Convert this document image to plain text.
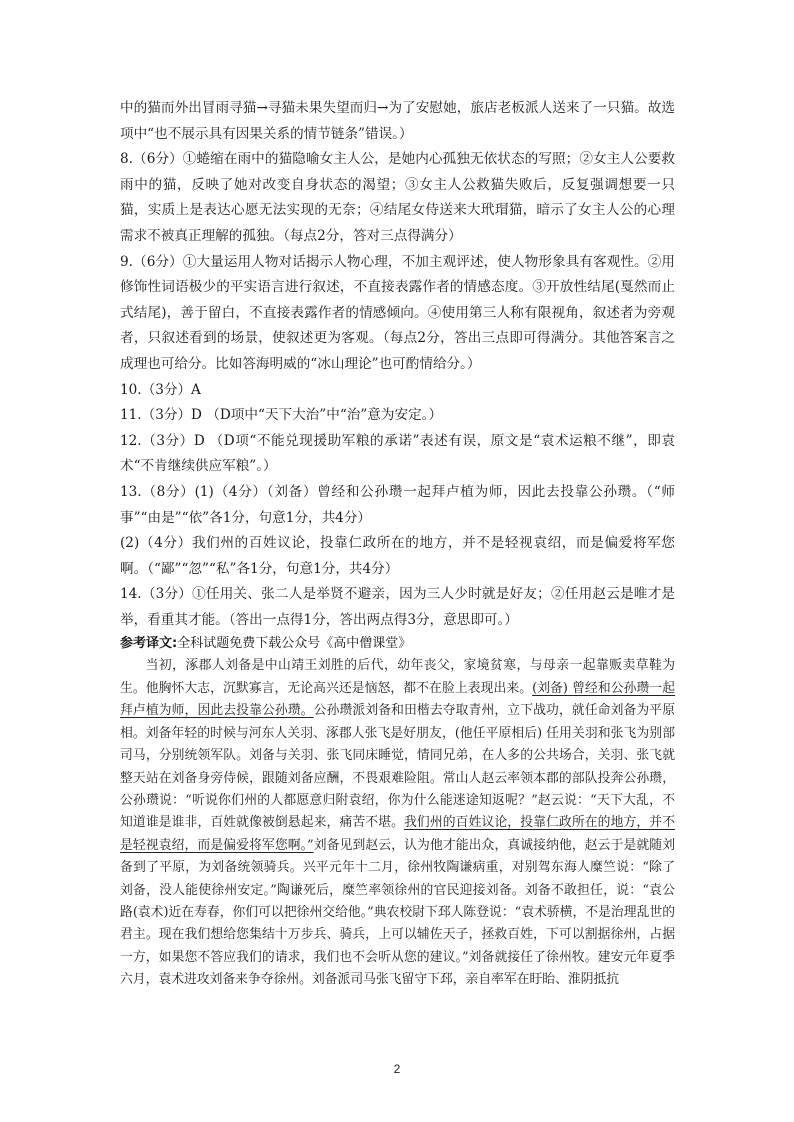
中的猫而外出冒雨寻猫→寻猫未果失望而归→为了安慰她，旅店老板派人送来了一只猫。故选项中“也不展示具有因果关系的情节链条”错误。）

8.（6分）①蜷缩在雨中的猫隐喻女主人公，是她内心孤独无依状态的写照；②女主人公要救雨中的猫，反映了她对改变自身状态的渴望；③女主人公救猫失败后，反复强调想要一只猫，实质上是表达心愿无法实现的无奈；④结尾女侍送来大玳瑁猫，暗示了女主人公的心理需求不被真正理解的孤独。（每点2分，答对三点得满分）

9.（6分）①大量运用人物对话揭示人物心理，不加主观评述，使人物形象具有客观性。②用修饰性词语极少的平实语言进行叙述，不直接表露作者的情感态度。③开放性结尾(戛然而止式结尾)，善于留白，不直接表露作者的情感倾向。④使用第三人称有限视角，叙述者为旁观者，只叙述看到的场景，使叙述更为客观。（每点2分，答出三点即可得满分。其他答案言之成理也可给分。比如答海明威的“冰山理论”也可酌情给分。）

10.（3分）A

11.（3分）D （D项中“天下大治”中“治”意为安定。）

12.（3分）D （D项“不能兑现援助军粮的承诺”表述有误，原文是“袁术运粮不继”，即袁术“不肯继续供应军粮”。）

13.（8分）(1)（4分）（刘备）曾经和公孙瓒一起拜卢植为师，因此去投靠公孙瓒。（“师事”“由是”“依”各1分，句意1分，共4分）

(2)（4分）我们州的百姓议论，投靠仁政所在的地方，并不是轻视袁绍，而是偏爱将军您啊。（“鄙”“忽”“私”各1分，句意1分，共4分）

14.（3分）①任用关、张二人是举贤不避亲，因为三人少时就是好友；②任用赵云是唯才是举，看重其才能。（答出一点得1分，答出两点得3分，意思即可。）

参考译文:全科试题免费下载公众号《高中僧课堂》

当初，涿郡人刘备是中山靖王刘胜的后代，幼年丧父，家境贫寒，与母亲一起靠贩卖草鞋为生。他胸怀大志，沉默寡言，无论高兴还是恼怒，都不在脸上表现出来。(刘备) 曾经和公孙瓒一起拜卢植为师，因此去投靠公孙瓒。公孙瓒派刘备和田楷去夺取青州，立下战功，就任命刘备为平原相。刘备年轻的时候与河东人关羽、涿郡人张飞是好朋友，(他任平原相后) 任用关羽和张飞为别部司马，分别统领军队。刘备与关羽、张飞同床睡觉，情同兄弟，在人多的公共场合，关羽、张飞就整天站在刘备身旁侍候，跟随刘备应酬，不畏艰难险阻。常山人赵云率领本郡的部队投奔公孙瓒，公孙瓒说：“听说你们州的人都愿意归附袁绍，你为什么能迷途知返呢？”赵云说：“天下大乱，不知道谁是谁非，百姓就像被倒悬起来，痛苦不堪。我们州的百姓议论，投靠仁政所在的地方，并不是轻视袁绍，而是偏爱将军您啊。”刘备见到赵云，认为他才能出众，真诚接纳他，赵云于是就随刘备到了平原，为刘备统领骑兵。兴平元年十二月，徐州牧陶谦病重，对别驾东海人糜竺说：“除了刘备，没人能使徐州安定。”陶谦死后，糜竺率领徐州的官民迎接刘备。刘备不敢担任，说：“袁公路(袁术)近在寿春，你们可以把徐州交给他。”典农校尉下邳人陈登说：“袁术骄横，不是治理乱世的君主。现在我们想给您集结十万步兵、骑兵，上可以辅佐天子，拯救百姓，下可以割据徐州，占据一方，如果您不答应我们的请求，我们也不会听从您的建议。”刘备就接任了徐州牧。建安元年夏季六月，袁术进攻刘备来争夺徐州。刘备派司马张飞留守下邳，亲自率军在盱眙、淮阴抵抗

2
